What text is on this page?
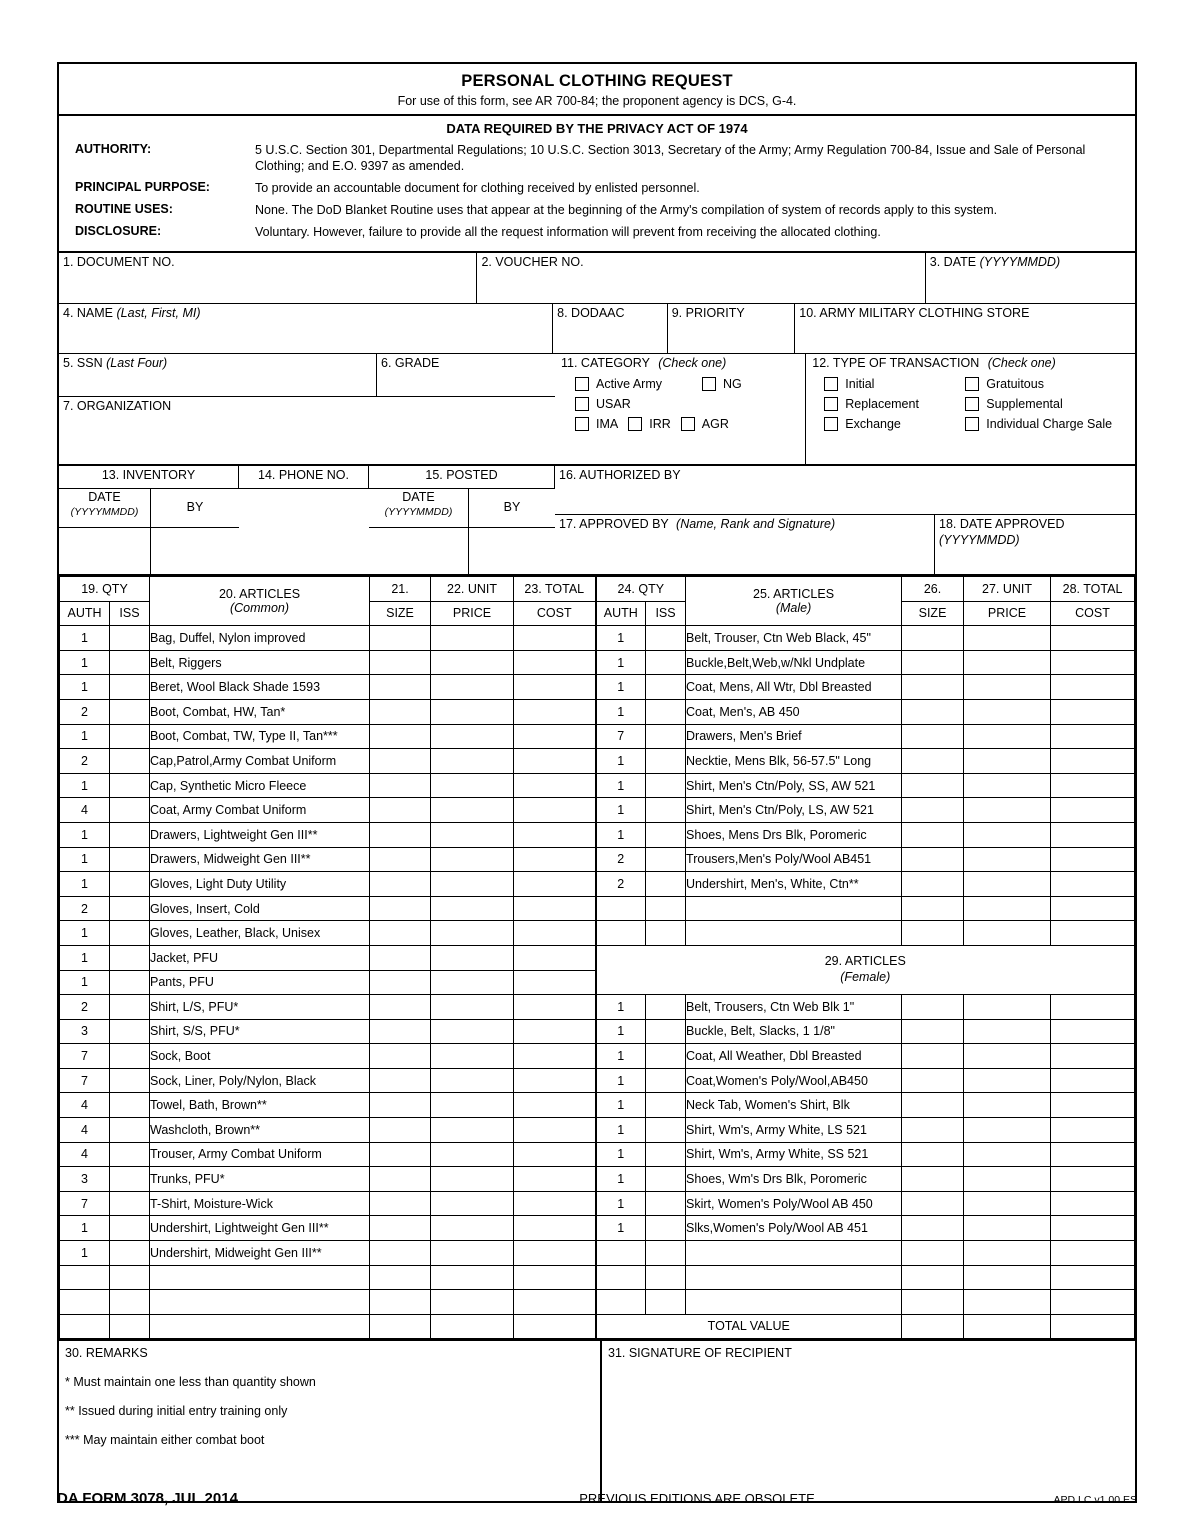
PERSONAL CLOTHING REQUEST
For use of this form, see AR 700-84; the proponent agency is DCS, G-4.
DATA REQUIRED BY THE PRIVACY ACT OF 1974
AUTHORITY:	5 U.S.C. Section 301, Departmental Regulations; 10 U.S.C. Section 3013, Secretary of the Army; Army Regulation 700-84, Issue and Sale of Personal Clothing; and E.O. 9397 as amended.
PRINCIPAL PURPOSE:	To provide an accountable document for clothing received by enlisted personnel.
ROUTINE USES:	None. The DoD Blanket Routine uses that appear at the beginning of the Army's compilation of system of records apply to this system.
DISCLOSURE:	Voluntary. However, failure to provide all the request information will prevent from receiving the allocated clothing.
1. DOCUMENT NO.	2. VOUCHER NO.	3. DATE (YYYYMMDD)
4. NAME (Last, First, MI)	8. DODAAC	9. PRIORITY	10. ARMY MILITARY CLOTHING STORE
5. SSN (Last Four)	6. GRADE
7. ORGANIZATION
11. CATEGORY (Check one)
Active Army	NG
USAR
IMA IRR AGR
12. TYPE OF TRANSACTION (Check one)
Initial	Gratuitous
Replacement	Supplemental
Exchange	Individual Charge Sale
13. INVENTORY
DATE
(YYYYMMDD)	BY
14. PHONE NO.	15. POSTED
DATE
(YYYYMMDD)	BY
16. AUTHORIZED BY
17. APPROVED BY (Name, Rank and Signature)	18. DATE APPROVED
(YYYYMMDD)
19. QTY		20. ARTICLES
(Common)	21.	22. UNIT	23. TOTAL	24. QTY		25. ARTICLES
(Male)	26.	27. UNIT	28. TOTAL
AUTH	ISS		SIZE	PRICE	COST	AUTH	ISS		SIZE	PRICE	COST
1		Bag, Duffel, Nylon improved				1		Belt, Trouser, Ctn Web Black, 45"			
1		Belt, Riggers				1		Buckle,Belt,Web,w/Nkl Undplate			
1		Beret, Wool Black Shade 1593				1		Coat, Mens, All Wtr, Dbl Breasted			
2		Boot, Combat, HW, Tan*				1		Coat, Men's, AB 450			
1		Boot, Combat, TW, Type II, Tan***				7		Drawers, Men's Brief			
2		Cap,Patrol,Army Combat Uniform				1		Necktie, Mens Blk, 56-57.5" Long			
1		Cap, Synthetic Micro Fleece				1		Shirt, Men's Ctn/Poly, SS, AW 521			
4		Coat, Army Combat Uniform				1		Shirt, Men's Ctn/Poly, LS, AW 521			
1		Drawers, Lightweight Gen III**				1		Shoes, Mens Drs Blk, Poromeric			
1		Drawers, Midweight Gen III**				2		Trousers,Men's Poly/Wool AB451			
1		Gloves, Light Duty Utility				2		Undershirt, Men's, White, Ctn**			
2		Gloves, Insert, Cold									
1		Gloves, Leather, Black, Unisex									
1		Jacket, PFU				29. ARTICLES
(Female)					
1		Pants, PFU									
2		Shirt, L/S, PFU*				1		Belt, Trousers, Ctn Web Blk 1"			
3		Shirt, S/S, PFU*				1		Buckle, Belt, Slacks, 1 1/8"			
7		Sock, Boot				1		Coat, All Weather, Dbl Breasted			
7		Sock, Liner, Poly/Nylon, Black				1		Coat,Women's Poly/Wool,AB450			
4		Towel, Bath, Brown**				1		Neck Tab, Women's Shirt, Blk			
4		Washcloth, Brown**				1		Shirt, Wm's, Army White, LS 521			
4		Trouser, Army Combat Uniform				1		Shirt, Wm's, Army White, SS 521			
3		Trunks, PFU*				1		Shoes, Wm's Drs Blk, Poromeric			
7		T-Shirt, Moisture-Wick				1		Skirt, Women's Poly/Wool AB 450			
1		Undershirt, Lightweight Gen III**				1		Slks,Women's Poly/Wool AB 451			
1		Undershirt, Midweight Gen III**									

						TOTAL VALUE					
30. REMARKS
* Must maintain one less than quantity shown
** Issued during initial entry training only
*** May maintain either combat boot
31. SIGNATURE OF RECIPIENT
DA FORM 3078, JUL 2014	PREVIOUS EDITIONS ARE OBSOLETE	APD LC v1.00 ES
